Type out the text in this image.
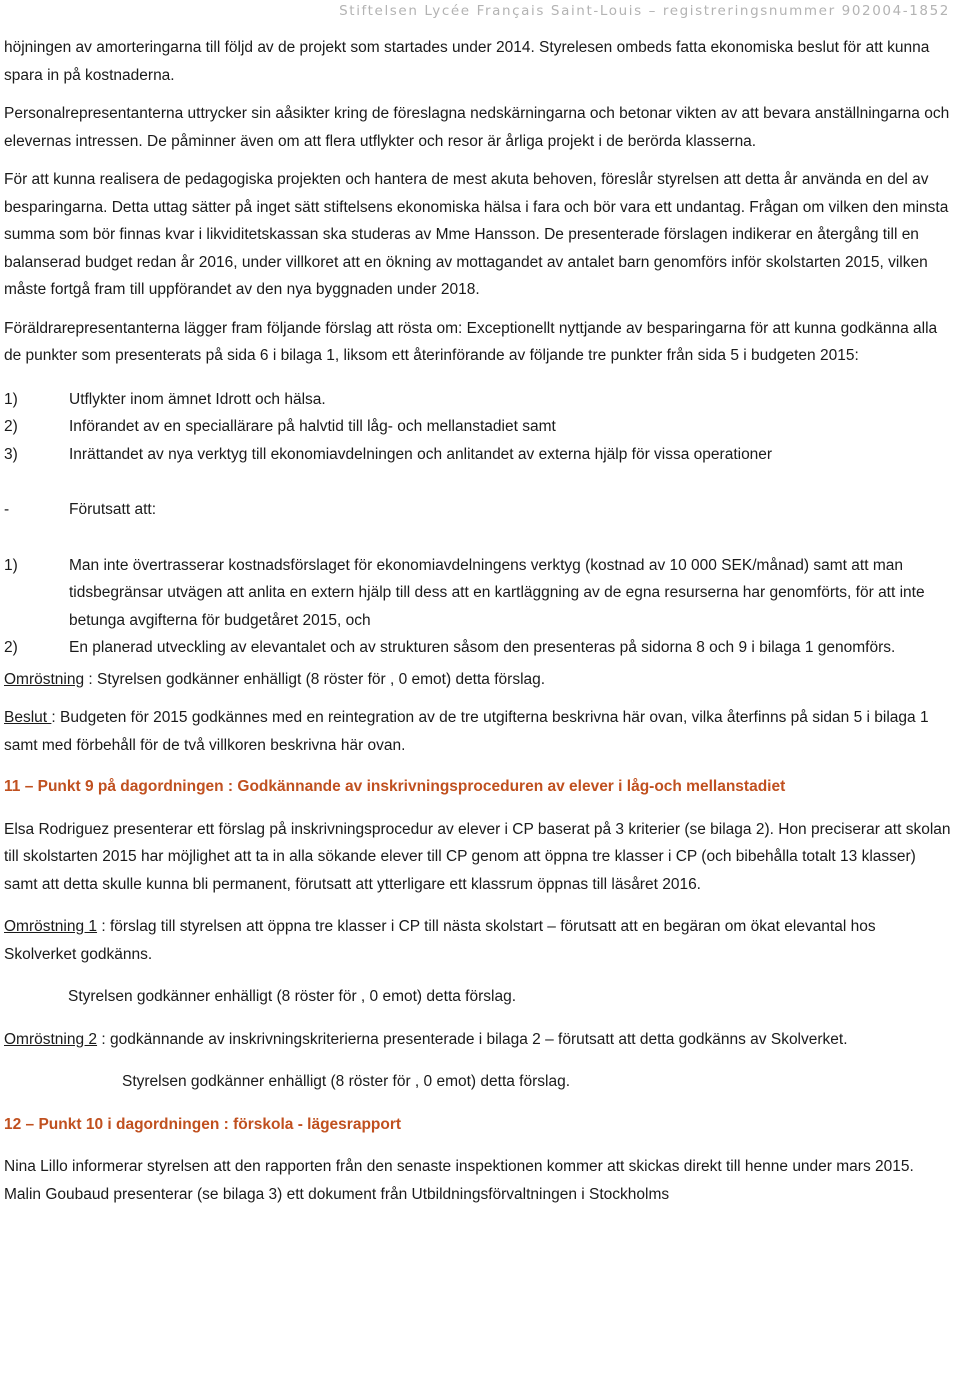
Stiftelsen Lycée Français Saint-Louis – registreringsnummer 902004-1852

höjningen av amorteringarna till följd av de projekt som startades under 2014. Styrelesen ombeds fatta ekonomiska beslut för att kunna spara in på kostnaderna.

Personalrepresentanterna uttrycker sin aåsikter kring de föreslagna nedskärningarna och betonar vikten av att bevara anställningarna och elevernas intressen. De påminner även om att flera utflykter och resor är årliga projekt i de berörda klasserna.

För att kunna realisera de pedagogiska projekten och hantera de mest akuta behoven, föreslår styrelsen att detta år använda en del av besparingarna. Detta uttag sätter på inget sätt stiftelsens ekonomiska hälsa i fara och bör vara ett undantag. Frågan om vilken den minsta summa som bör finnas kvar i likviditetskassan ska studeras av Mme Hansson. De presenterade förslagen indikerar en återgång till en balanserad budget redan år 2016, under villkoret att en ökning av mottagandet av antalet barn genomförs inför skolstarten 2015, vilken måste fortgå fram till uppförandet av den nya byggnaden under 2018.

Föräldrarepresentanterna lägger fram följande förslag att rösta om: Exceptionellt nyttjande av besparingarna för att kunna godkänna alla de punkter som presenterats på sida 6 i bilaga 1, liksom ett återinförande av följande tre punkter från sida 5 i budgeten 2015:

1)	Utflykter inom ämnet Idrott och hälsa.
2)	Införandet av en speciallärare på halvtid till låg- och mellanstadiet samt
3)	Inrättandet av nya verktyg till ekonomiavdelningen och anlitandet av externa hjälp för vissa operationer
-	Förutsatt att:
1)	Man inte övertrasserar kostnadsförslaget för ekonomiavdelningens verktyg (kostnad av 10 000 SEK/månad) samt att man tidsbegränsar utvägen att anlita en extern hjälp till dess att en kartläggning av de egna resurserna har genomförts, för att inte betunga avgifterna för budgetåret 2015, och
2)	En planerad utveckling av elevantalet och av strukturen såsom den presenteras på sidorna 8 och 9 i bilaga 1 genomförs.

Omröstning : Styrelsen godkänner enhälligt (8 röster för , 0 emot) detta förslag.

Beslut : Budgeten för 2015 godkännes med en reintegration av de tre utgifterna beskrivna här ovan, vilka återfinns på sidan 5 i bilaga 1 samt med förbehåll för de två villkoren beskrivna här ovan.

11 – Punkt 9 på dagordningen : Godkännande av inskrivningsproceduren av elever i låg-och mellanstadiet

Elsa Rodriguez presenterar ett förslag på inskrivningsprocedur av elever i CP baserat på 3 kriterier (se bilaga 2). Hon preciserar att skolan till skolstarten 2015 har möjlighet att ta in alla sökande elever till CP genom att öppna tre klasser i CP (och bibehålla totalt 13 klasser) samt att detta skulle kunna bli permanent, förutsatt att ytterligare ett klassrum öppnas till läsåret 2016.

Omröstning 1 : förslag till styrelsen att öppna tre klasser i CP till nästa skolstart – förutsatt att en begäran om ökat elevantal hos Skolverket godkänns.

Styrelsen godkänner enhälligt (8 röster för , 0 emot) detta förslag.

Omröstning 2 : godkännande av inskrivningskriterierna presenterade i bilaga 2 – förutsatt att detta godkänns av Skolverket.

Styrelsen godkänner enhälligt (8 röster för , 0 emot) detta förslag.

12 – Punkt 10 i dagordningen : förskola - lägesrapport

Nina Lillo informerar styrelsen att den rapporten från den senaste inspektionen kommer att skickas direkt till henne under mars 2015. Malin Goubaud presenterar (se bilaga 3) ett dokument från Utbildningsförvaltningen i Stockholms
